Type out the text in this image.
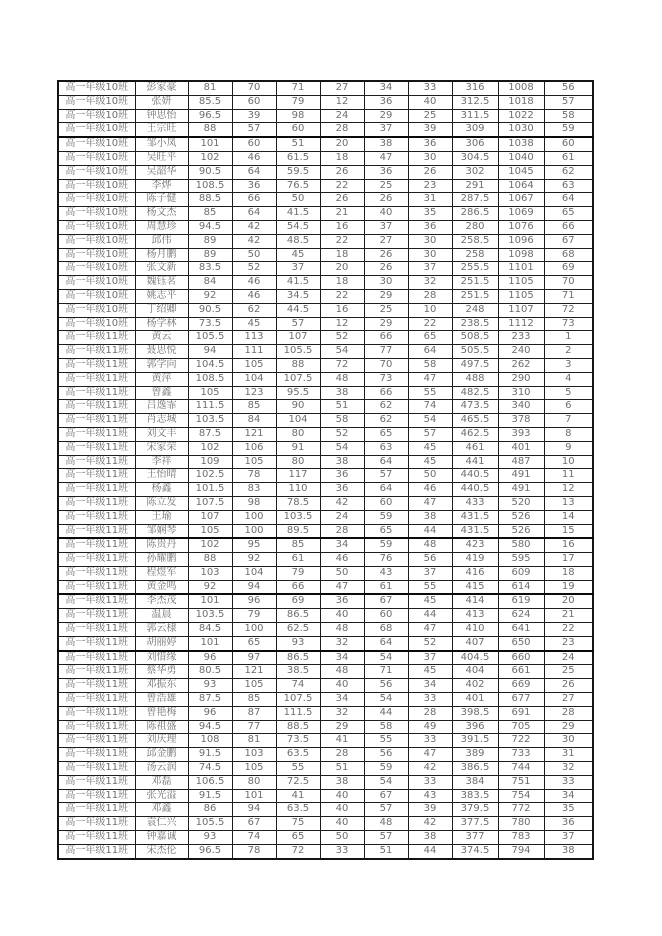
高一年级10班	彭家豪	81	70	71	27	34	33	316	1008	56
高一年级10班	张妍	85.5	60	79	12	36	40	312.5	1018	57
高一年级10班	钟思怡	96.5	39	98	24	29	25	311.5	1022	58
高一年级10班	王宗旺	88	57	60	28	37	39	309	1030	59
高一年级10班	邹小凤	101	60	51	20	38	36	306	1038	60
高一年级10班	吴旺平	102	46	61.5	18	47	30	304.5	1040	61
高一年级10班	吴韶华	90.5	64	59.5	26	36	26	302	1045	62
高一年级10班	李烨	108.5	36	76.5	22	25	23	291	1064	63
高一年级10班	陈子健	88.5	66	50	26	26	31	287.5	1067	64
高一年级10班	杨文杰	85	64	41.5	21	40	35	286.5	1069	65
高一年级10班	周慧珍	94.5	42	54.5	16	37	36	280	1076	66
高一年级10班	邱伟	89	42	48.5	22	27	30	258.5	1096	67
高一年级10班	杨月鹏	89	50	45	18	26	30	258	1098	68
高一年级10班	张文新	83.5	52	37	20	26	37	255.5	1101	69
高一年级10班	魏钰茗	84	46	41.5	18	30	32	251.5	1105	70
高一年级10班	姚志平	92	46	34.5	22	29	28	251.5	1105	71
高一年级10班	丁绍卿	90.5	62	44.5	16	25	10	248	1107	72
高一年级10班	杨学林	73.5	45	57	12	29	22	238.5	1112	73
高一年级11班	黄云	105.5	113	107	52	66	65	508.5	233	1
高一年级11班	聂思悦	94	111	105.5	54	77	64	505.5	240	2
高一年级11班	郭学向	104.5	105	88	72	70	58	497.5	262	3
高一年级11班	黄萍	108.5	104	107.5	48	73	47	488	290	4
高一年级11班	曾鑫	105	123	95.5	38	66	55	482.5	310	5
高一年级11班	吕逸霏	111.5	85	90	51	62	74	473.5	340	6
高一年级11班	肖志城	103.5	84	104	58	62	54	465.5	378	7
高一年级11班	刘文丰	87.5	121	80	52	65	57	462.5	393	8
高一年级11班	宋家荣	102	106	91	54	63	45	461	401	9
高一年级11班	李祥	109	105	80	38	64	45	441	487	10
高一年级11班	王怡晴	102.5	78	117	36	57	50	440.5	491	11
高一年级11班	杨鑫	101.5	83	110	36	64	46	440.5	491	12
高一年级11班	陈立发	107.5	98	78.5	42	60	47	433	520	13
高一年级11班	王瑜	107	100	103.5	24	59	38	431.5	526	14
高一年级11班	邹娴琴	105	100	89.5	28	65	44	431.5	526	15
高一年级11班	陈贵丹	102	95	85	34	59	48	423	580	16
高一年级11班	孙耀鹏	88	92	61	46	76	56	419	595	17
高一年级11班	程煜军	103	104	79	50	43	37	416	609	18
高一年级11班	黄金鸣	92	94	66	47	61	55	415	614	19
高一年级11班	李杰茂	101	96	69	36	67	45	414	619	20
高一年级11班	温晨	103.5	79	86.5	40	60	44	413	624	21
高一年级11班	郭云棣	84.5	100	62.5	48	68	47	410	641	22
高一年级11班	胡丽婷	101	65	93	32	64	52	407	650	23
高一年级11班	刘惜缘	96	97	86.5	34	54	37	404.5	660	24
高一年级11班	蔡华勇	80.5	121	38.5	48	71	45	404	661	25
高一年级11班	邓振东	93	105	74	40	56	34	402	669	26
高一年级11班	曾浩雄	87.5	85	107.5	34	54	33	401	677	27
高一年级11班	曾艳梅	96	87	111.5	32	44	28	398.5	691	28
高一年级11班	陈祖盛	94.5	77	88.5	29	58	49	396	705	29
高一年级11班	刘庆理	108	81	73.5	41	55	33	391.5	722	30
高一年级11班	邱金鹏	91.5	103	63.5	28	56	47	389	733	31
高一年级11班	汤云润	74.5	105	55	51	59	42	386.5	744	32
高一年级11班	邓磊	106.5	80	72.5	38	54	33	384	751	33
高一年级11班	张光溢	91.5	101	41	40	67	43	383.5	754	34
高一年级11班	邓鑫	86	94	63.5	40	57	39	379.5	772	35
高一年级11班	袁仁兴	105.5	67	75	40	48	42	377.5	780	36
高一年级11班	钟嘉诚	93	74	65	50	57	38	377	783	37
高一年级11班	宋杰伦	96.5	78	72	33	51	44	374.5	794	38
